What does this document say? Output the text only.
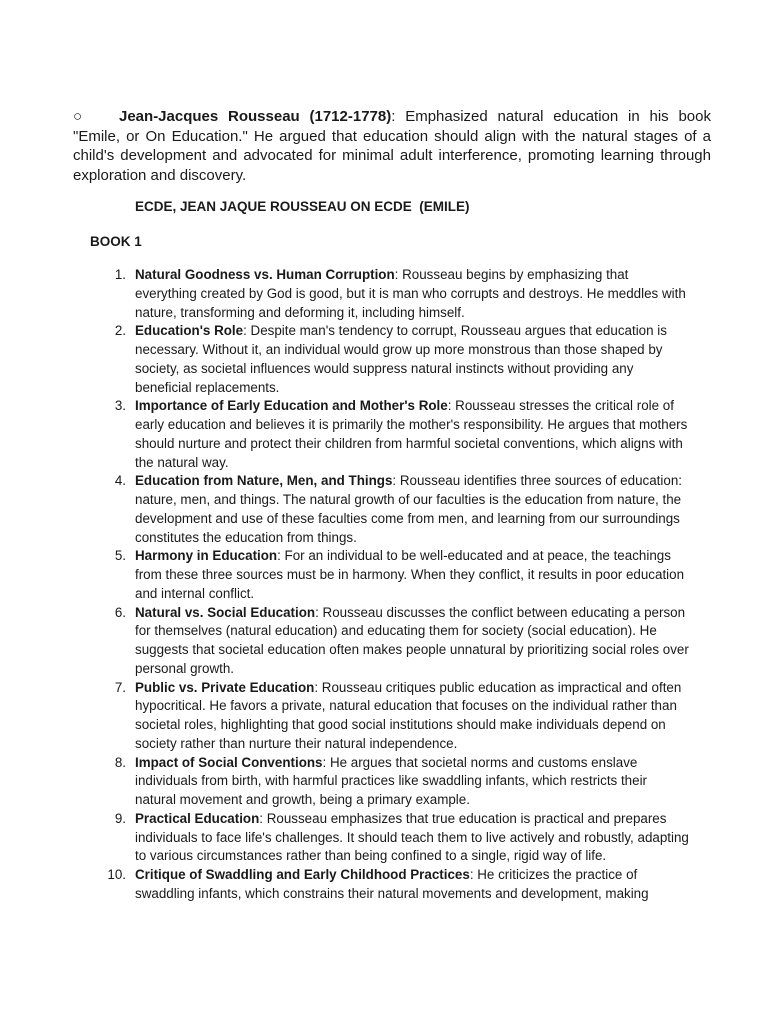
○ Jean-Jacques Rousseau (1712-1778): Emphasized natural education in his book "Emile, or On Education." He argued that education should align with the natural stages of a child's development and advocated for minimal adult interference, promoting learning through exploration and discovery.

ECDE, JEAN JAQUE ROUSSEAU ON ECDE  (EMILE)
BOOK 1
1. Natural Goodness vs. Human Corruption: Rousseau begins by emphasizing that everything created by God is good, but it is man who corrupts and destroys. He meddles with nature, transforming and deforming it, including himself.
2. Education's Role: Despite man's tendency to corrupt, Rousseau argues that education is necessary. Without it, an individual would grow up more monstrous than those shaped by society, as societal influences would suppress natural instincts without providing any beneficial replacements.
3. Importance of Early Education and Mother's Role: Rousseau stresses the critical role of early education and believes it is primarily the mother's responsibility. He argues that mothers should nurture and protect their children from harmful societal conventions, which aligns with the natural way.
4. Education from Nature, Men, and Things: Rousseau identifies three sources of education: nature, men, and things. The natural growth of our faculties is the education from nature, the development and use of these faculties come from men, and learning from our surroundings constitutes the education from things.
5. Harmony in Education: For an individual to be well-educated and at peace, the teachings from these three sources must be in harmony. When they conflict, it results in poor education and internal conflict.
6. Natural vs. Social Education: Rousseau discusses the conflict between educating a person for themselves (natural education) and educating them for society (social education). He suggests that societal education often makes people unnatural by prioritizing social roles over personal growth.
7. Public vs. Private Education: Rousseau critiques public education as impractical and often hypocritical. He favors a private, natural education that focuses on the individual rather than societal roles, highlighting that good social institutions should make individuals depend on society rather than nurture their natural independence.
8. Impact of Social Conventions: He argues that societal norms and customs enslave individuals from birth, with harmful practices like swaddling infants, which restricts their natural movement and growth, being a primary example.
9. Practical Education: Rousseau emphasizes that true education is practical and prepares individuals to face life's challenges. It should teach them to live actively and robustly, adapting to various circumstances rather than being confined to a single, rigid way of life.
10. Critique of Swaddling and Early Childhood Practices: He criticizes the practice of swaddling infants, which constrains their natural movements and development, making
